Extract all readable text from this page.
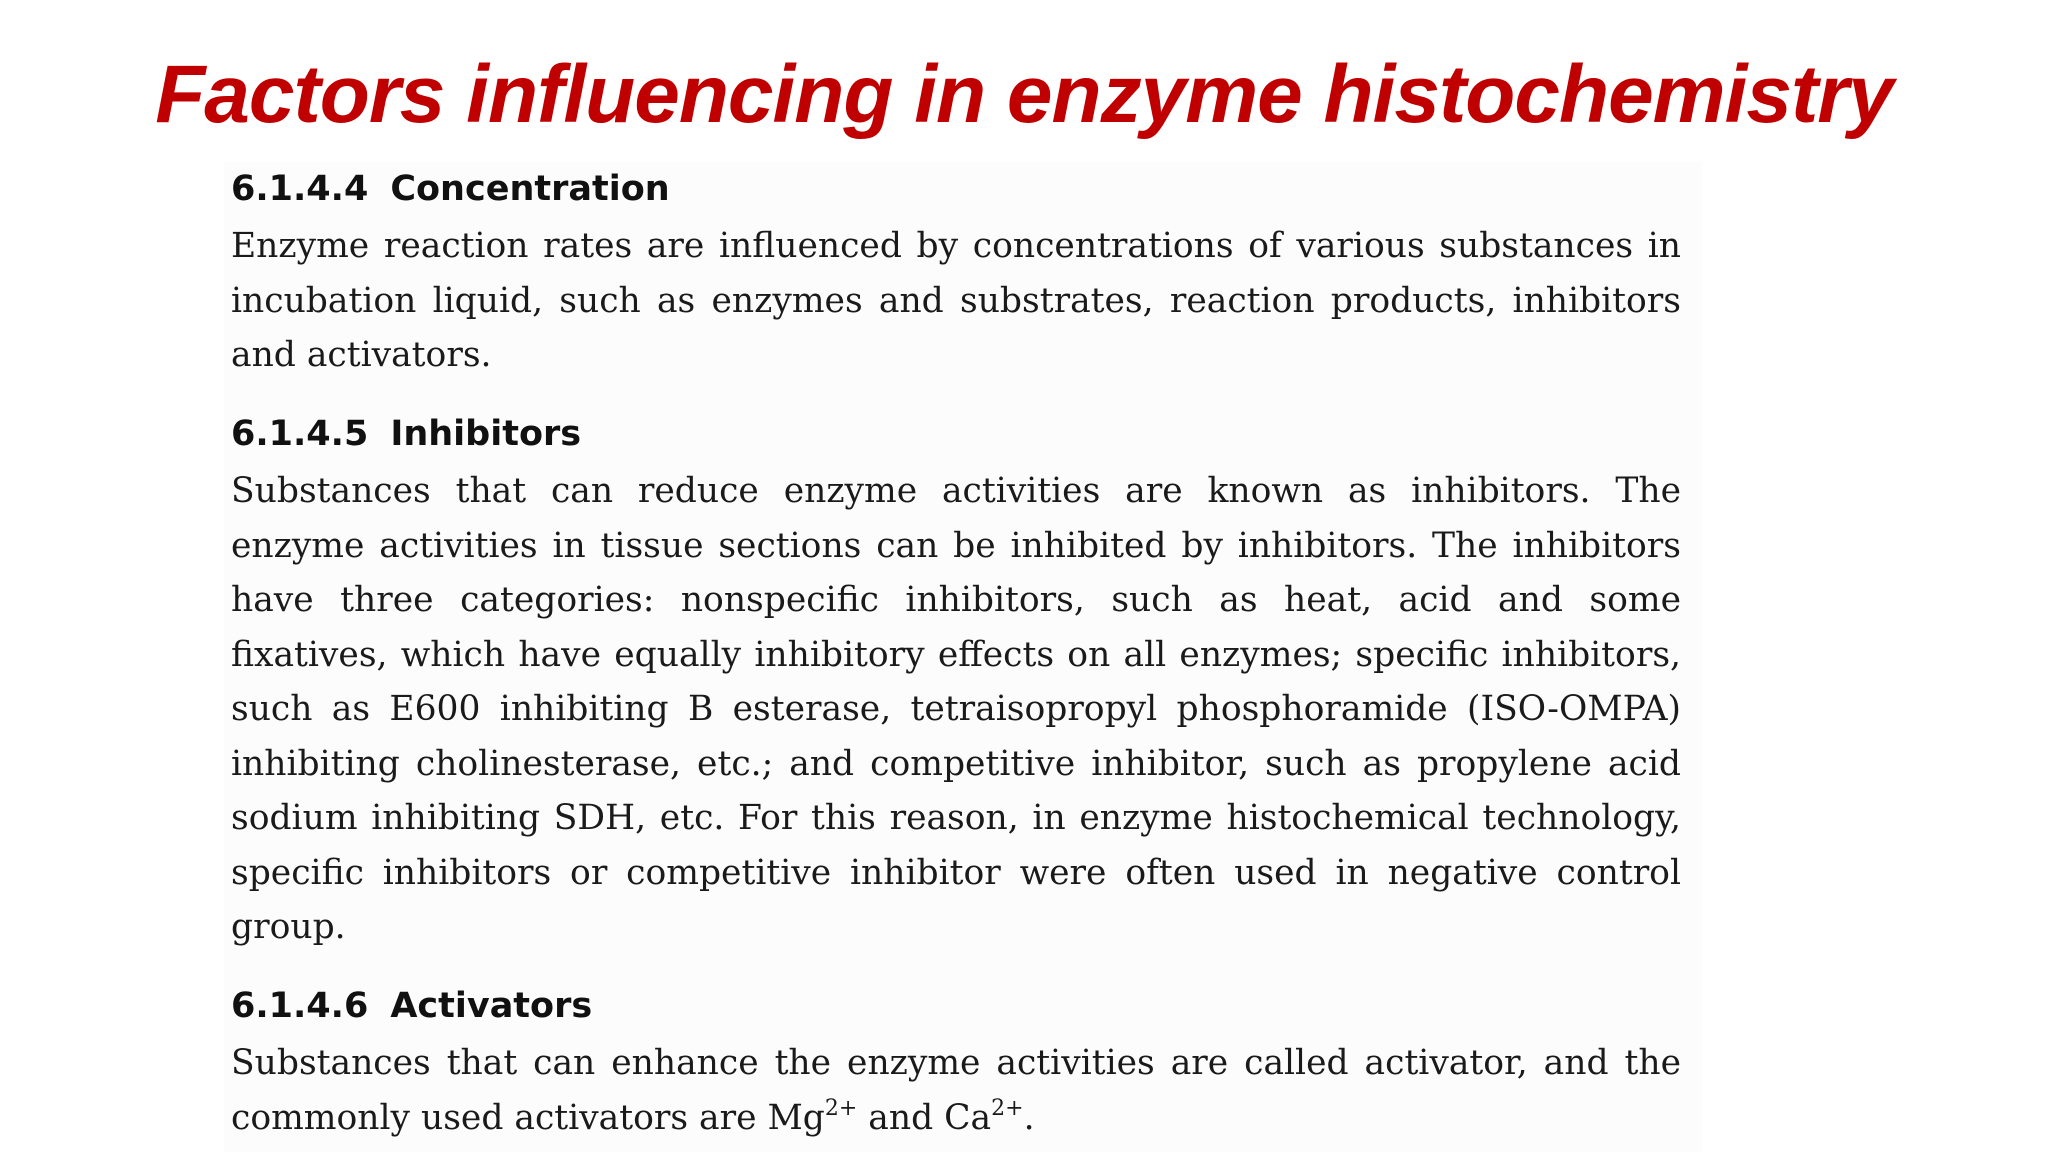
Factors influencing in enzyme histochemistry

6.1.4.4 Concentration

Enzyme reaction rates are influenced by concentrations of various substances in incubation liquid, such as enzymes and substrates, reaction products, inhibitors and activators.

6.1.4.5 Inhibitors

Substances that can reduce enzyme activities are known as inhibitors. The enzyme activities in tissue sections can be inhibited by inhibitors. The inhibitors have three categories: nonspecific inhibitors, such as heat, acid and some fixatives, which have equally inhibitory effects on all enzymes; specific inhibitors, such as E600 inhibiting B esterase, tetraisopropyl phosphoramide (ISO-OMPA) inhibiting cholinesterase, etc.; and competitive inhibitor, such as propylene acid sodium inhibiting SDH, etc. For this reason, in enzyme histochemical technology, specific inhibitors or competitive inhibitor were often used in negative control group.

6.1.4.6 Activators

Substances that can enhance the enzyme activities are called activator, and the commonly used activators are $Mg^{2+}$ and $Ca^{2+}$.
